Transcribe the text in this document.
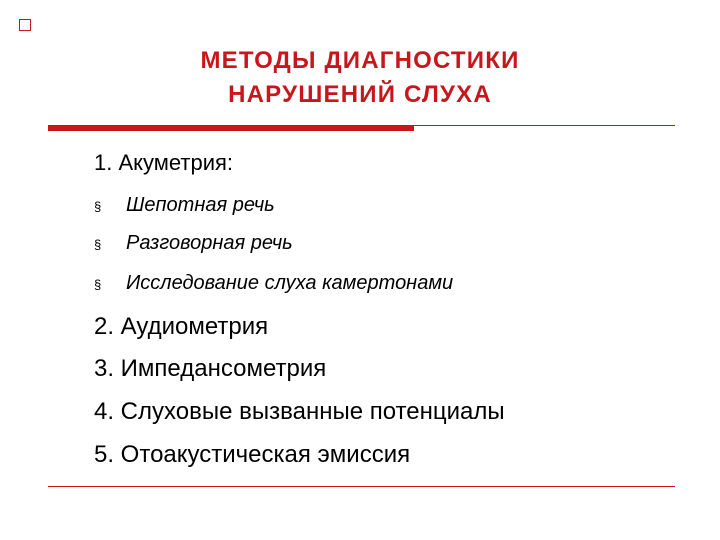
МЕТОДЫ ДИАГНОСТИКИ
НАРУШЕНИЙ СЛУХА
1. Акуметрия:
§ Шепотная речь
§ Разговорная речь
§ Исследование слуха камертонами
2. Аудиометрия
3. Импедансометрия
4. Слуховые вызванные потенциалы
5. Отоакустическая эмиссия
